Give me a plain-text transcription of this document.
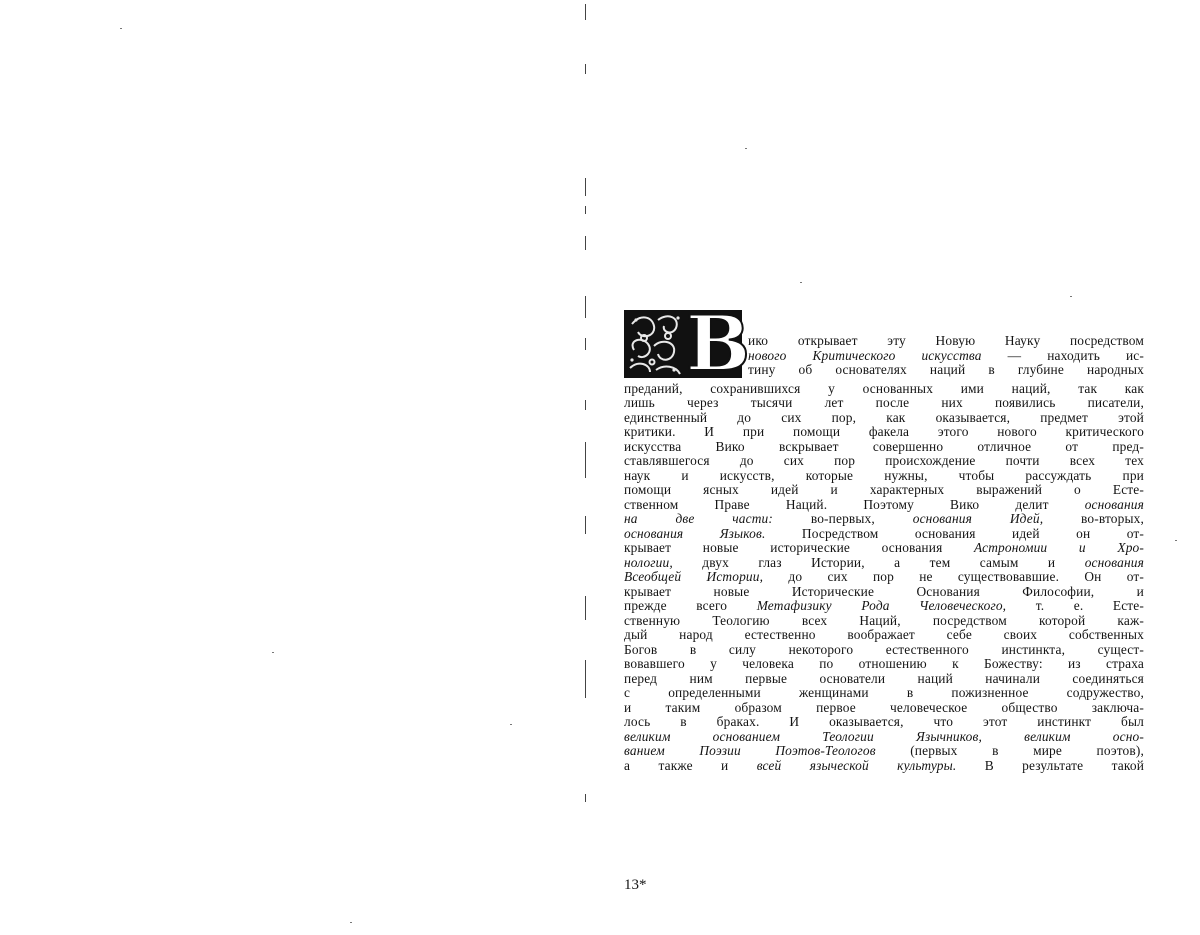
В
ико открывает эту Новую Науку посредством
нового Критического искусства — находить ис-
тину об основателях наций в глубине народных
преданий, сохранившихся у основанных ими наций, так как
лишь через тысячи лет после них появились писатели,
единственный до сих пор, как оказывается, предмет этой
критики. И при помощи факела этого нового критического
искусства Вико вскрывает совершенно отличное от пред-
ставлявшегося до сих пор происхождение почти всех тех
наук и искусств, которые нужны, чтобы рассуждать при
помощи ясных идей и характерных выражений о Есте-
ственном Праве Наций. Поэтому Вико делит основания
на две части: во-первых, основания Идей, во-вторых,
основания Языков. Посредством основания идей он от-
крывает новые исторические основания Астрономии и Хро-
нологии, двух глаз Истории, а тем самым и основания
Всеобщей Истории, до сих пор не существовавшие. Он от-
крывает новые Исторические Основания Философии, и
прежде всего Метафизику Рода Человеческого, т. е. Есте-
ственную Теологию всех Наций, посредством которой каж-
дый народ естественно воображает себе своих собственных
Богов в силу некоторого естественного инстинкта, сущест-
вовавшего у человека по отношению к Божеству: из страха
перед ним первые основатели наций начинали соединяться
с определенными женщинами в пожизненное содружество,
и таким образом первое человеческое общество заключа-
лось в браках. И оказывается, что этот инстинкт был
великим основанием Теологии Язычников, великим осно-
ванием Поэзии Поэтов-Теологов (первых в мире поэтов),
а также и всей языческой культуры. В результате такой
13*
